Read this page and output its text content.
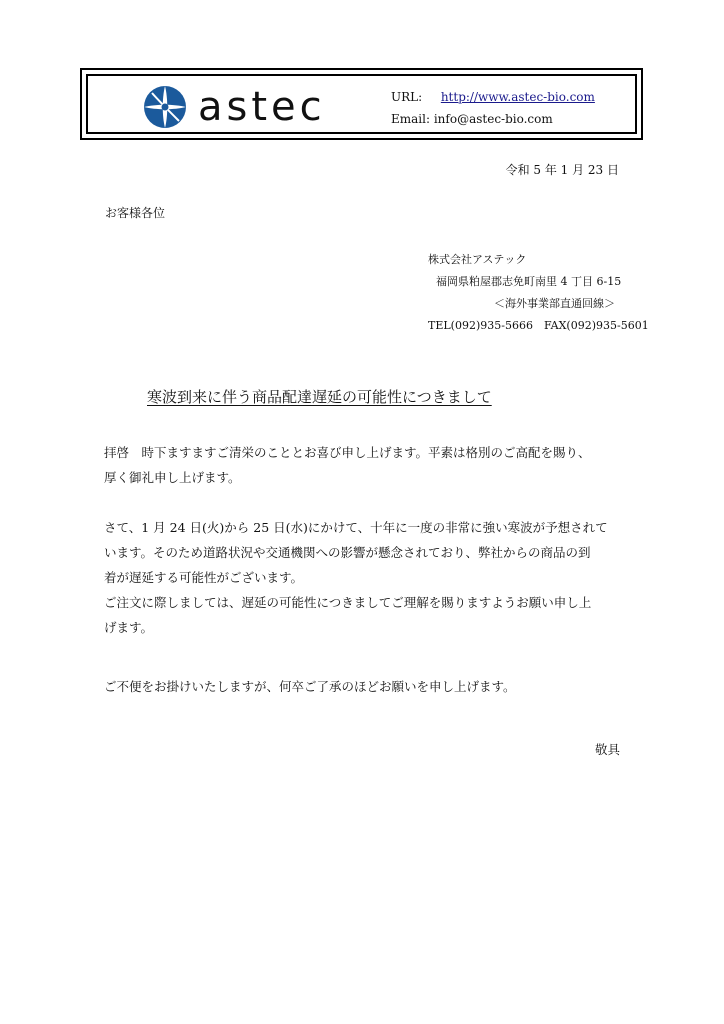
astec	URL: http://www.astec-bio.com
Email: info@astec-bio.com
令和 5 年 1 月 23 日
お客様各位
株式会社アステック
福岡県粕屋郡志免町南里 4 丁目 6-15
＜海外事業部直通回線＞
TEL(092)935-5666　FAX(092)935-5601
寒波到来に伴う商品配達遅延の可能性につきまして
拝啓　時下ますますご清栄のこととお喜び申し上げます。平素は格別のご高配を賜り、
厚く御礼申し上げます。
さて、1 月 24 日(火)から 25 日(水)にかけて、十年に一度の非常に強い寒波が予想されて
います。そのため道路状況や交通機関への影響が懸念されており、弊社からの商品の到
着が遅延する可能性がございます。
ご注文に際しましては、遅延の可能性につきましてご理解を賜りますようお願い申し上
げます。
ご不便をお掛けいたしますが、何卒ご了承のほどお願いを申し上げます。
敬具
